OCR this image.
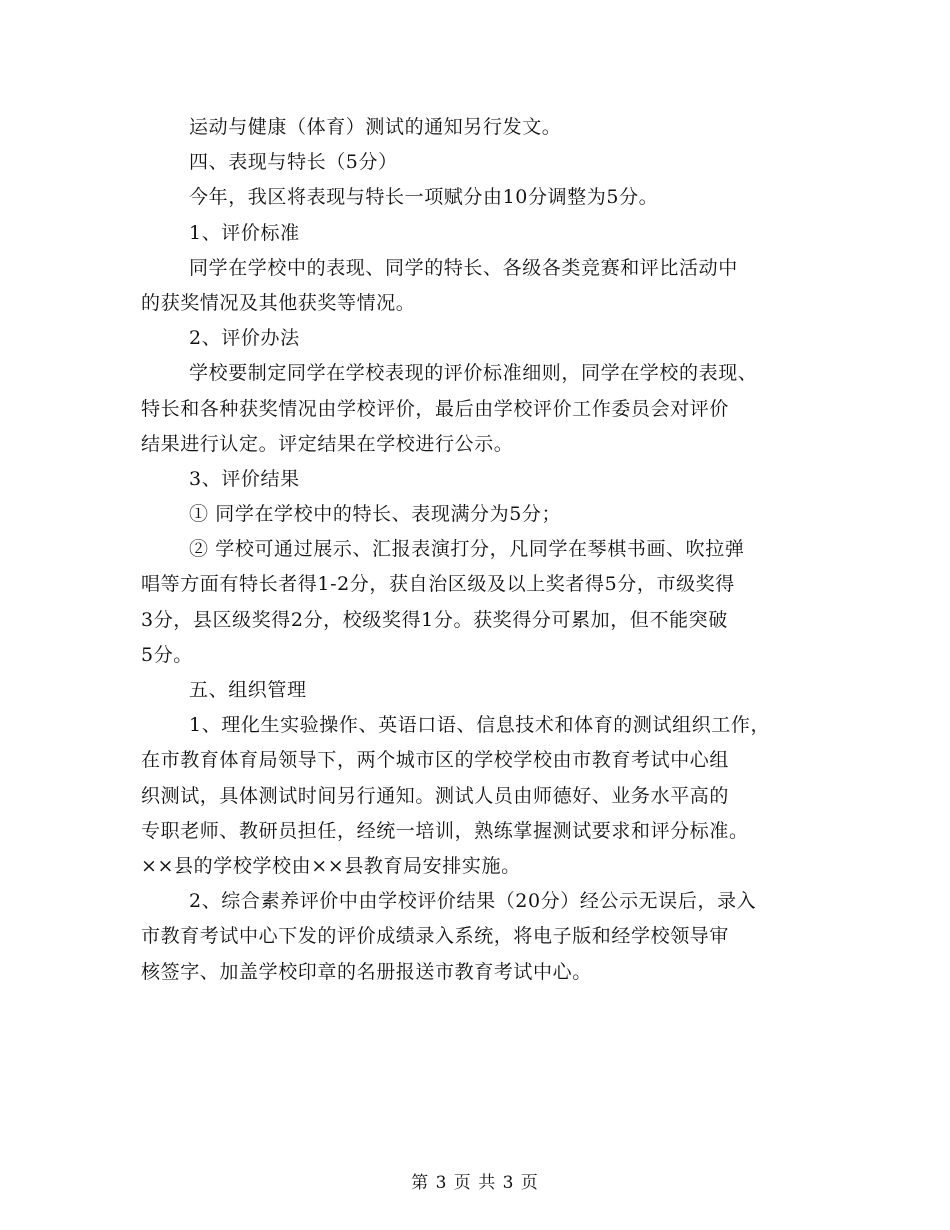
运动与健康（体育）测试的通知另行发文。
四、表现与特长（5分）
今年，我区将表现与特长一项赋分由10分调整为5分。
1、评价标准
同学在学校中的表现、同学的特长、各级各类竞赛和评比活动中
的获奖情况及其他获奖等情况。
2、评价办法
学校要制定同学在学校表现的评价标准细则，同学在学校的表现、
特长和各种获奖情况由学校评价，最后由学校评价工作委员会对评价
结果进行认定。评定结果在学校进行公示。
3、评价结果
① 同学在学校中的特长、表现满分为5分；
② 学校可通过展示、汇报表演打分，凡同学在琴棋书画、吹拉弹
唱等方面有特长者得1-2分，获自治区级及以上奖者得5分，市级奖得
3分，县区级奖得2分，校级奖得1分。获奖得分可累加，但不能突破
5分。
五、组织管理
1、理化生实验操作、英语口语、信息技术和体育的测试组织工作，
在市教育体育局领导下，两个城市区的学校学校由市教育考试中心组
织测试，具体测试时间另行通知。测试人员由师德好、业务水平高的
专职老师、教研员担任，经统一培训，熟练掌握测试要求和评分标准。
××县的学校学校由××县教育局安排实施。
2、综合素养评价中由学校评价结果（20分）经公示无误后，录入
市教育考试中心下发的评价成绩录入系统，将电子版和经学校领导审
核签字、加盖学校印章的名册报送市教育考试中心。
第 3 页 共 3 页
